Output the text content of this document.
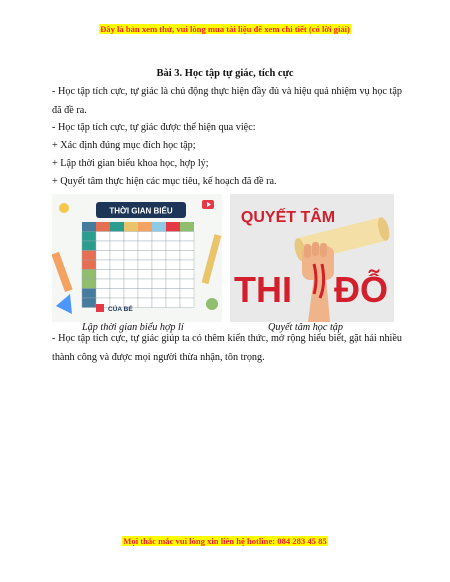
Đây là bản xem thử, vui lòng mua tài liệu để xem chi tiết (có lời giải)
Bài 3. Học tập tự giác, tích cực
- Học tập tích cực, tự giác là chủ động thực hiện đầy đủ và hiệu quả nhiệm vụ học tập đã đề ra.
- Học tập tích cực, tự giác được thể hiện qua việc:
+ Xác định đúng mục đích học tập;
+ Lập thời gian biểu khoa học, hợp lý;
+ Quyết tâm thực hiện các mục tiêu, kế hoạch đã đề ra.
THỜI GIAN BIỂU
CỦA BÉ
QUYẾT TÂM
THI ĐỖ
Lập thời gian biểu hợp lí	Quyết tâm học tập
- Học tập tích cực, tự giác giúp ta có thêm kiến thức, mở rộng hiểu biết, gặt hái nhiều thành công và được mọi người thừa nhận, tôn trọng.
Mọi thắc mắc vui lòng xin liên hệ hotline: 084 283 45 85
